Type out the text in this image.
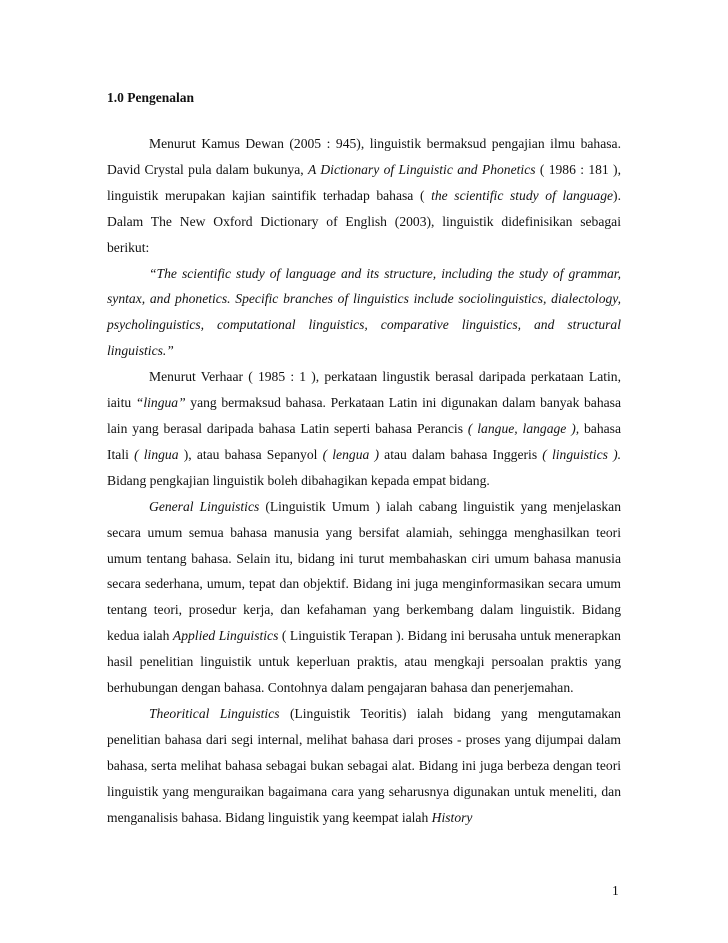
1.0 Pengenalan

Menurut Kamus Dewan (2005 : 945), linguistik bermaksud pengajian ilmu bahasa. David Crystal pula dalam bukunya, A Dictionary of Linguistic and Phonetics ( 1986 : 181 ), linguistik merupakan kajian saintifik terhadap bahasa ( the scientific study of language). Dalam The New Oxford Dictionary of English (2003), linguistik didefinisikan sebagai berikut:

“The scientific study of language and its structure, including the study of grammar, syntax, and phonetics. Specific branches of linguistics include sociolinguistics, dialectology, psycholinguistics, computational linguistics, comparative linguistics, and structural linguistics.”

Menurut Verhaar ( 1985 : 1 ), perkataan lingustik berasal daripada perkataan Latin, iaitu “lingua” yang bermaksud bahasa. Perkataan Latin ini digunakan dalam banyak bahasa lain yang berasal daripada bahasa Latin seperti bahasa Perancis ( langue, langage ), bahasa Itali ( lingua ), atau bahasa Sepanyol ( lengua ) atau dalam bahasa Inggeris ( linguistics ). Bidang pengkajian linguistik boleh dibahagikan kepada empat bidang.

General Linguistics (Linguistik Umum ) ialah cabang linguistik yang menjelaskan secara umum semua bahasa manusia yang bersifat alamiah, sehingga menghasilkan teori umum tentang bahasa. Selain itu, bidang ini turut membahaskan ciri umum bahasa manusia secara sederhana, umum, tepat dan objektif. Bidang ini juga menginformasikan secara umum tentang teori, prosedur kerja, dan kefahaman yang berkembang dalam linguistik. Bidang kedua ialah Applied Linguistics ( Linguistik Terapan ). Bidang ini berusaha untuk menerapkan hasil penelitian linguistik untuk keperluan praktis, atau mengkaji persoalan praktis yang berhubungan dengan bahasa. Contohnya dalam pengajaran bahasa dan penerjemahan.

Theoritical Linguistics (Linguistik Teoritis) ialah bidang yang mengutamakan penelitian bahasa dari segi internal, melihat bahasa dari proses - proses yang dijumpai dalam bahasa, serta melihat bahasa sebagai bukan sebagai alat. Bidang ini juga berbeza dengan teori linguistik yang menguraikan bagaimana cara yang seharusnya digunakan untuk meneliti, dan menganalisis bahasa. Bidang linguistik yang keempat ialah History

1
